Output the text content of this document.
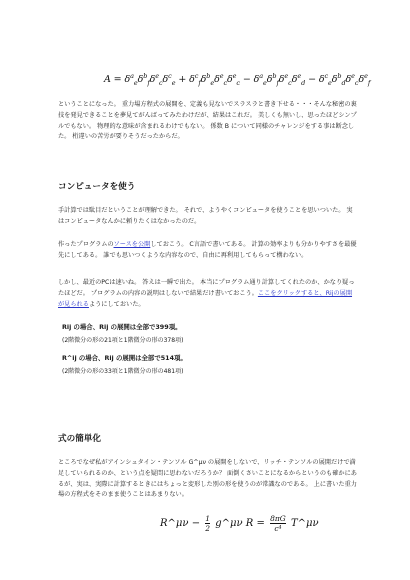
$A = \delta^a_e\delta^b_f\delta^e_c\delta^c_e + \delta^c_f\delta^b_e\delta^e_c\delta^e_c - \delta^a_e\delta^b_f\delta^e_c\delta^e_d - \delta^c_e\delta^b_d\delta^e_c\delta^e_f$

ということになった。 重力場方程式の展開を、定義も見ないでスラスラと書き下せる・・・そんな秘密の裏技を発見できることを夢見てがんばってみたわけだが、結果はこれだ。 美しくも無いし、思ったほどシンプルでもない。 物理的な意味が含まれるわけでもない。 係数 B について同様のチャレンジをする事は断念した。 桁違いの苦労が要りそうだったからだ。

コンピュータを使う

手計算では駄目だということが理解できた。 それで、ようやくコンピュータを使うことを思いついた。 実はコンピュータなんかに頼りたくはなかったのだ。

作ったプログラムのソースを公開しておこう。 C言語で書いてある。 計算の効率よりも分かりやすさを最優先にしてある。 誰でも思いつくような内容なので、自由に再利用してもらって構わない。

しかし、最近のPCは速いね。 答えは一瞬で出た。 本当にプログラム通り計算してくれたのか、かなり疑ったほどだ。 プログラムの内容の説明はしないで結果だけ書いておこう。ここをクリックすると、Rijの展開が見られるようにしておいた。

Rij の場合、Rij の展開は全部で399項。

(2階微分の形の21項と1階微分の形の378項)

R^ij の場合、Rij の展開は全部で514項。

(2階微分の形の33項と1階微分の形の481項)

式の簡単化

ところでなぜ私がアインシュタイン・テンソル G^μν の展開をしないで、リッチ・テンソルの展開だけで満足していられるのか、という点を疑問に思わないだろうか？ 面倒くさいことになるからというのも確かにあるが、実は、実際に計算するときにはちょっと変形した別の形を使うのが常識なのである。 上に書いた重力場の方程式をそのまま使うことはあまりない。

R^μν − $\frac{1}{2}$ g^μν $R = \frac{8\pi G}{\text{c⁴}}$ T^μν
